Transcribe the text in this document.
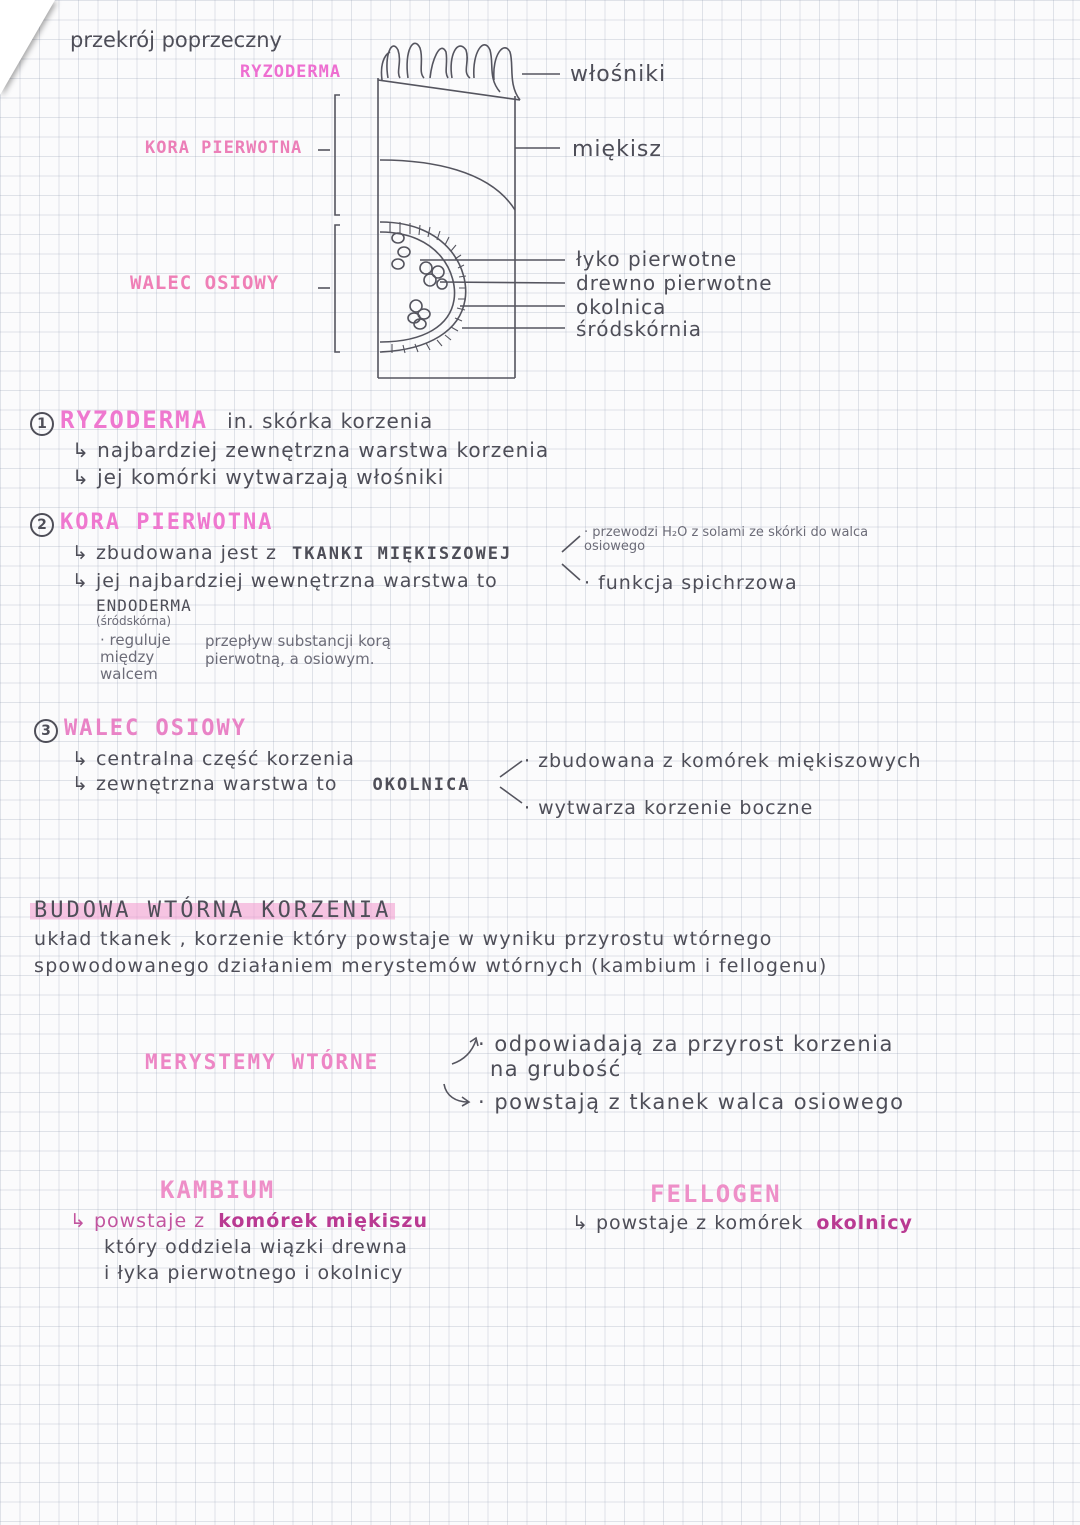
przekrój poprzeczny
RYZODERMA
KORA PIERWOTNA
WALEC OSIOWY
włośniki
miękisz
łyko pierwotne
drewno pierwotne
okolnica
śródskórnia
1 RYZODERMA in. skórka korzenia
↳ najbardziej zewnętrzna warstwa korzenia
↳ jej komórki wytwarzają włośniki
2 KORA PIERWOTNA
↳ zbudowana jest z TKANKI MIĘKISZOWEJ
· przewodzi H₂O z solami ze skórki do walca osiowego
· funkcja spichrzowa
↳ jej najbardziej wewnętrzna warstwa to
ENDODERMA
(śródskórna)
· reguluje między walcem
przepływ substancji korą pierwotną, a osiowym.
3 WALEC OSIOWY
↳ centralna część korzenia
↳ zewnętrzna warstwa to OKOLNICA
· zbudowana z komórek miękiszowych
· wytwarza korzenie boczne
BUDOWA WTÓRNA KORZENIA
układ tkanek , korzenie który powstaje w wyniku przyrostu wtórnego
spowodowanego działaniem merystemów wtórnych (kambium i fellogenu)
MERYSTEMY WTÓRNE
· odpowiadają za przyrost korzenia
na grubość
· powstają z tkanek walca osiowego
KAMBIUM
↳ powstaje z komórek miękiszu
który oddziela wiązki drewna
i łyka pierwotnego i okolnicy
FELLOGEN
↳ powstaje z komórek okolnicy
